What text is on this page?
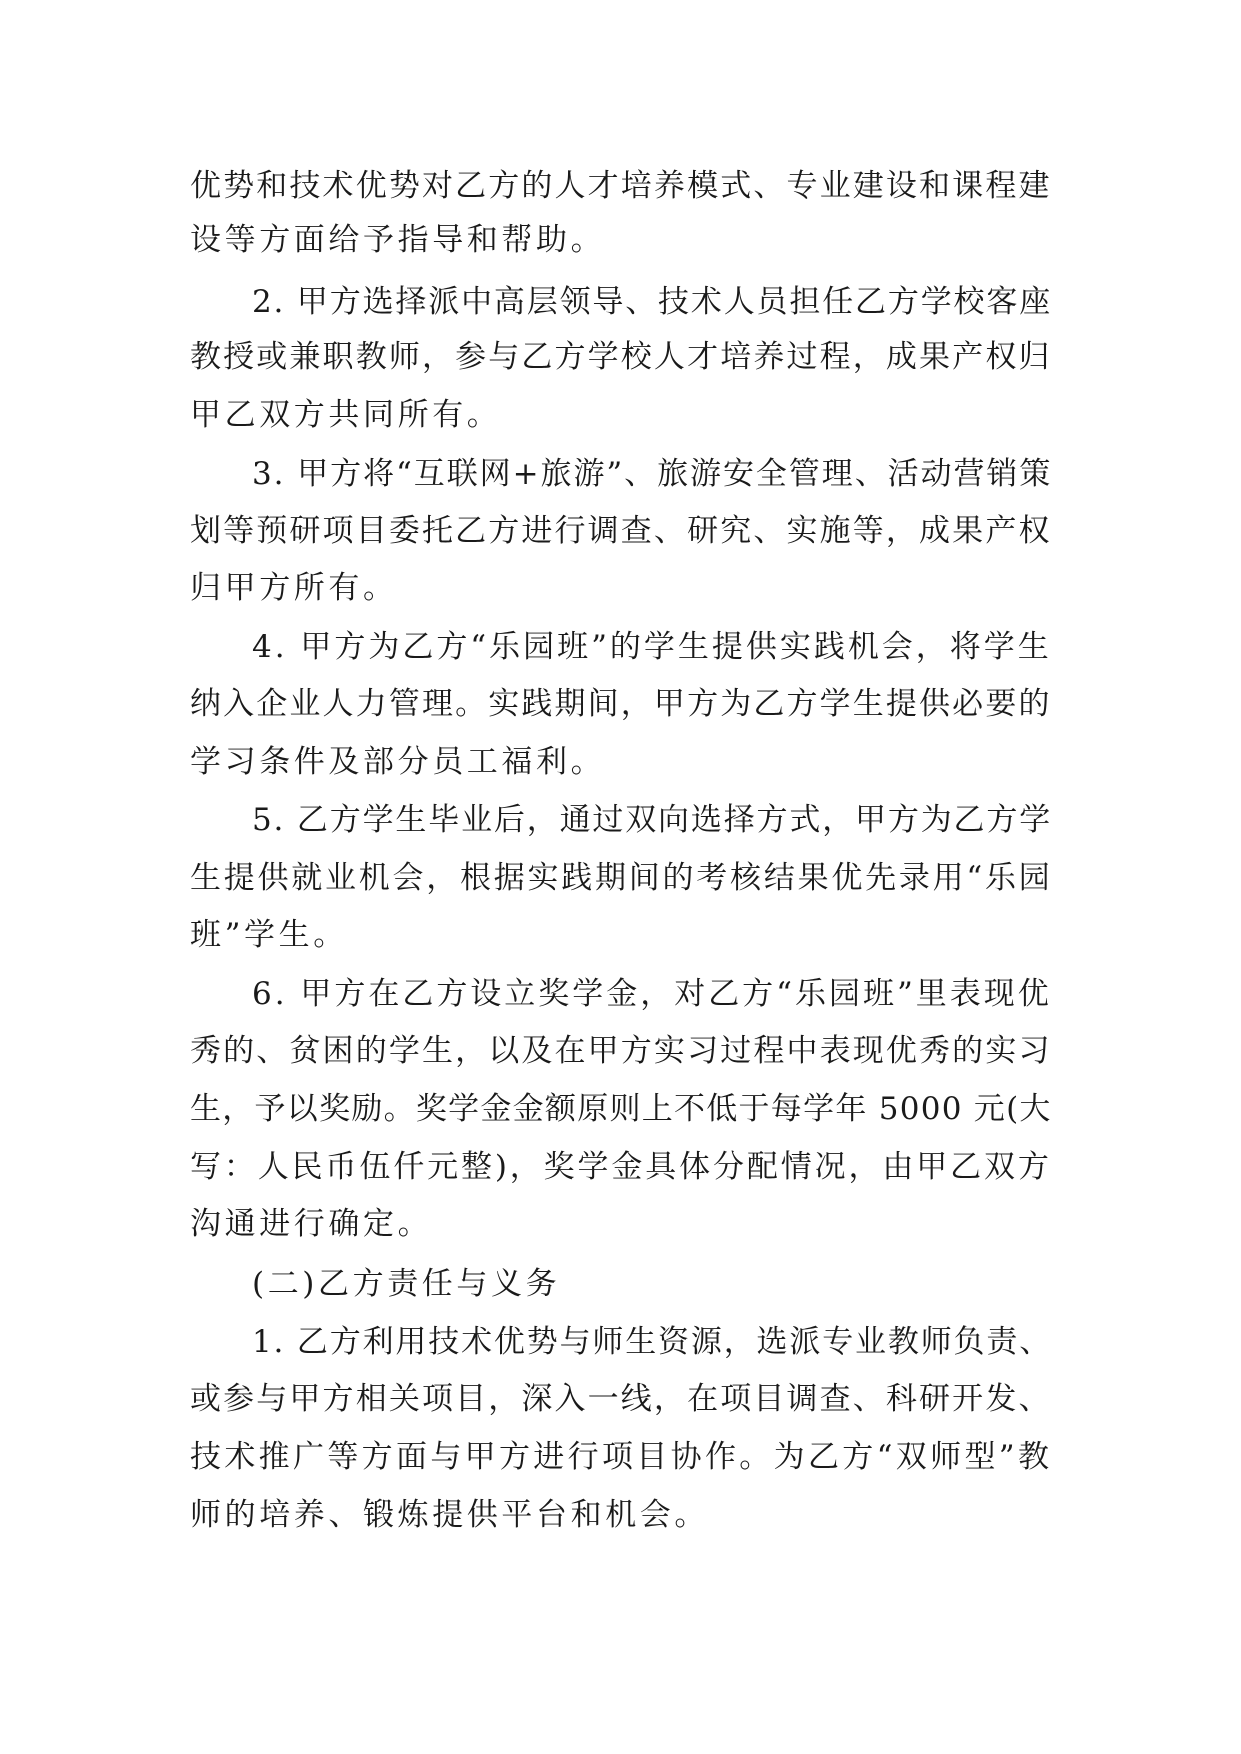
优势和技术优势对乙方的人才培养模式、专业建设和课程建
设等方面给予指导和帮助。
2. 甲方选择派中高层领导、技术人员担任乙方学校客座
教授或兼职教师，参与乙方学校人才培养过程，成果产权归
甲乙双方共同所有。
3. 甲方将“互联网+旅游”、旅游安全管理、活动营销策
划等预研项目委托乙方进行调查、研究、实施等，成果产权
归甲方所有。
4. 甲方为乙方“乐园班”的学生提供实践机会，将学生
纳入企业人力管理。实践期间，甲方为乙方学生提供必要的
学习条件及部分员工福利。
5. 乙方学生毕业后，通过双向选择方式，甲方为乙方学
生提供就业机会，根据实践期间的考核结果优先录用“乐园
班”学生。
6. 甲方在乙方设立奖学金，对乙方“乐园班”里表现优
秀的、贫困的学生，以及在甲方实习过程中表现优秀的实习
生，予以奖励。奖学金金额原则上不低于每学年 5000 元(大
写：人民币伍仟元整)，奖学金具体分配情况，由甲乙双方
沟通进行确定。
(二)乙方责任与义务
1. 乙方利用技术优势与师生资源，选派专业教师负责、
或参与甲方相关项目，深入一线，在项目调查、科研开发、
技术推广等方面与甲方进行项目协作。为乙方“双师型”教
师的培养、锻炼提供平台和机会。
